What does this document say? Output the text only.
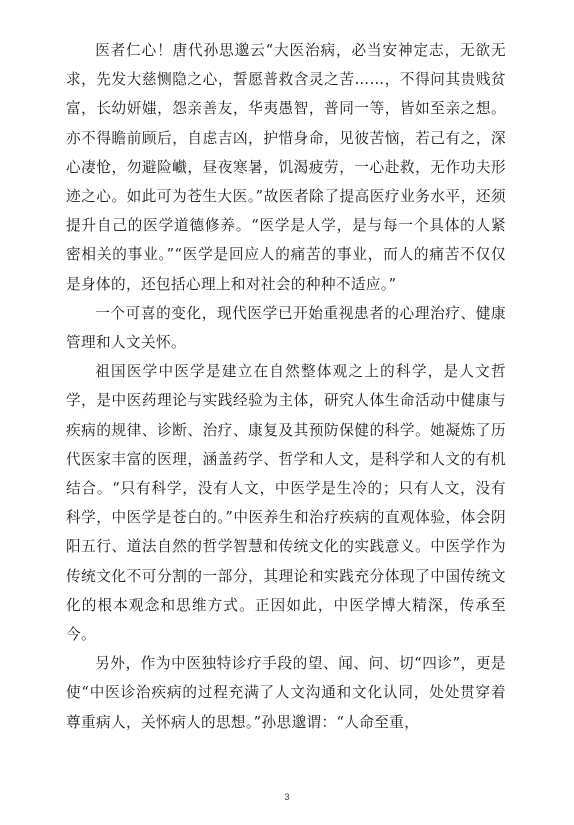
医者仁心！唐代孙思邈云“大医治病，必当安神定志，无欲无求，先发大慈恻隐之心，誓愿普救含灵之苦……，不得问其贵贱贫富，长幼妍媸，怨亲善友，华夷愚智，普同一等，皆如至亲之想。亦不得瞻前顾后，自虑吉凶，护惜身命，见彼苦恼，若己有之，深心凄怆，勿避险巇，昼夜寒暑，饥渴疲劳，一心赴救，无作功夫形迹之心。如此可为苍生大医。”故医者除了提高医疗业务水平，还须提升自己的医学道德修养。“医学是人学，是与每一个具体的人紧密相关的事业。”“医学是回应人的痛苦的事业，而人的痛苦不仅仅是身体的，还包括心理上和对社会的种种不适应。”

一个可喜的变化，现代医学已开始重视患者的心理治疗、健康管理和人文关怀。

祖国医学中医学是建立在自然整体观之上的科学，是人文哲学，是中医药理论与实践经验为主体，研究人体生命活动中健康与疾病的规律、诊断、治疗、康复及其预防保健的科学。她凝炼了历代医家丰富的医理，涵盖药学、哲学和人文，是科学和人文的有机结合。“只有科学，没有人文，中医学是生冷的；只有人文，没有科学，中医学是苍白的。”中医养生和治疗疾病的直观体验，体会阴阳五行、道法自然的哲学智慧和传统文化的实践意义。中医学作为传统文化不可分割的一部分，其理论和实践充分体现了中国传统文化的根本观念和思维方式。正因如此，中医学博大精深，传承至今。

另外，作为中医独特诊疗手段的望、闻、问、切“四诊”，更是使“中医诊治疾病的过程充满了人文沟通和文化认同，处处贯穿着尊重病人，关怀病人的思想。”孙思邈谓：“人命至重，

3
